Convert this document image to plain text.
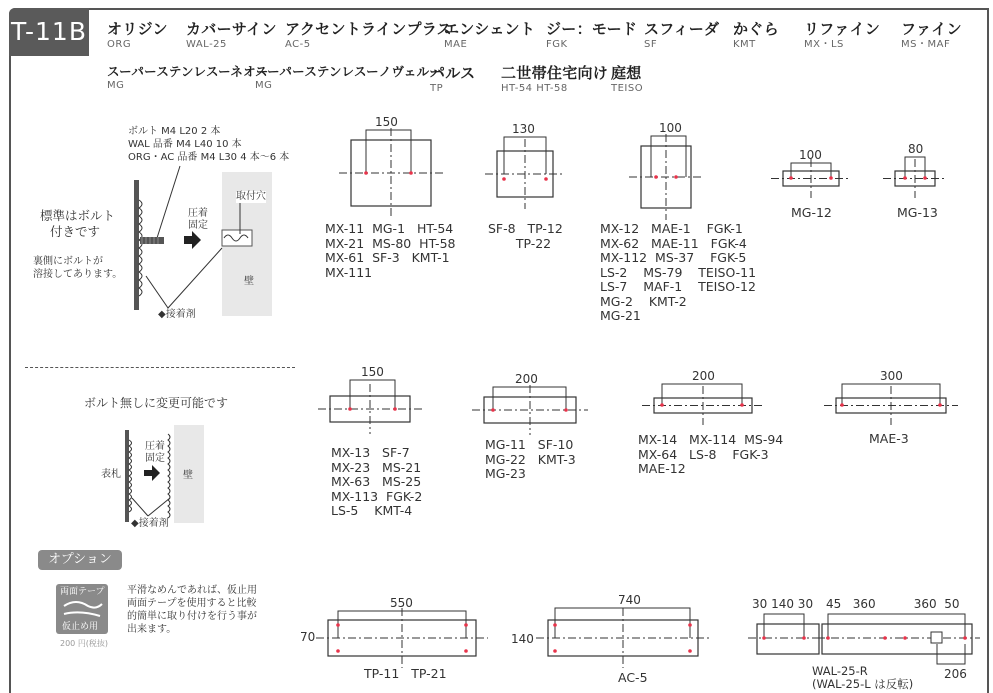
T-11B オリジン
ORG
カバーサイン
WAL-25
アクセントラインプラス
AC-5
エンシェント
MAE
ジー：モード
FGK
スフィーダ
SF
かぐら
KMT
リファイン
MX・LS
ファイン
MS・MAF
スーパーステンレスーネオー
MG
スーパーステンレスーノヴェルー
MG
パルス
TP
二世帯住宅向け
HT-54 HT-58
庭想
TEISO
ボルト M4 L20 2 本
WAL 品番 M4 L40 10 本
ORG・AC 品番 M4 L30 4 本〜6 本
標準はボルト
付きです
裏側にボルトが
溶接してあります。
圧着
固定
取付穴
壁
◆接着剤
ボルト無しに変更可能です
圧着
固定
表札	壁
◆接着剤
オプション
両面テープ
仮止め用
200 円(税抜)
平滑なめんであれば、仮止用
両面テープを使用すると比較
的簡単に取り付けを行う事が
出来ます。
150	130	100
100	80
150	200	200	300
550
70
740
140
30 140 30 45   360          360  50
206
MX-11  MG-1   HT-54
MX-21  MS-80  HT-58
MX-61  SF-3   KMT-1
MX-111
SF-8   TP-12
TP-22
MX-12   MAE-1    FGK-1
MX-62   MAE-11   FGK-4
MX-112  MS-37    FGK-5
LS-2    MS-79    TEISO-11
LS-7    MAF-1    TEISO-12
MG-2    KMT-2
MG-21
MG-12	MG-13
MX-13   SF-7
MX-23   MS-21
MX-63   MS-25
MX-113  FGK-2
LS-5    KMT-4
MG-11   SF-10
MG-22   KMT-3
MG-23
MX-14   MX-114  MS-94
MX-64   LS-8    FGK-3
MAE-12
MAE-3
TP-11   TP-21	AC-5	WAL-25-R
(WAL-25-L は反転)
